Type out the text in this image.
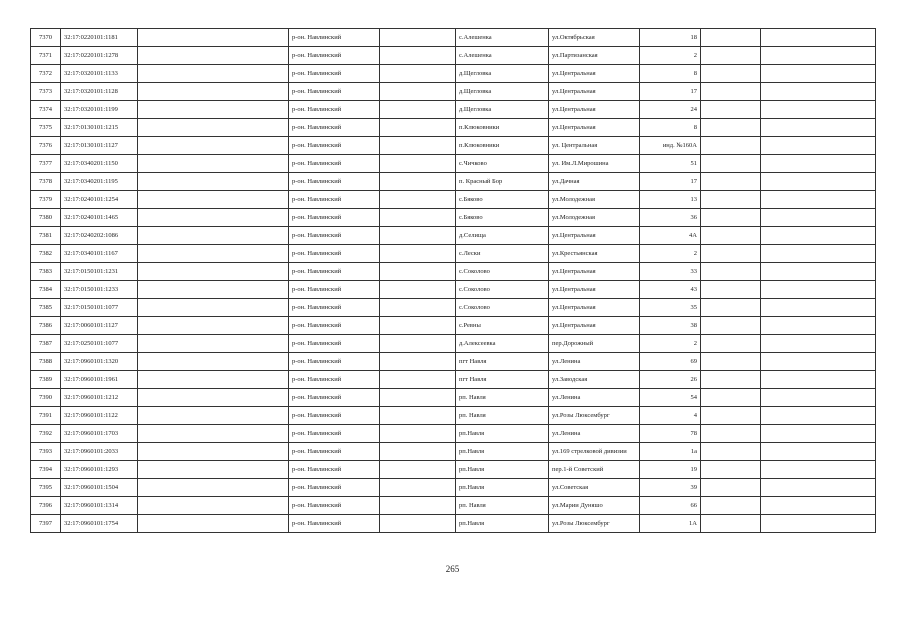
7370	32:17:0220101:1181		р-он. Навлинский		с.Алешенка	ул.Октябрьская	18		
7371	32:17:0220101:1278		р-он. Навлинский		с.Алешенка	ул.Партизанская	2		
7372	32:17:0320101:1133		р-он. Навлинский		д.Щегловка	ул.Центральная	8		
7373	32:17:0320101:1128		р-он. Навлинский		д.Щегловка	ул.Центральная	17		
7374	32:17:0320101:1199		р-он. Навлинский		д.Щегловка	ул.Центральная	24		
7375	32:17:0130101:1215		р-он. Навлинский		п.Клюковники	ул.Центральная	8		
7376	32:17:0130101:1127		р-он. Навлинский		п.Клюковники	ул. Центральная	инд. №160А		
7377	32:17:0340201:1150		р-он. Навлинский		с.Чичково	ул. Им.Л.Мирошина	51		
7378	32:17:0340201:1195		р-он. Навлинский		п. Красный Бор	ул.Дачная	17		
7379	32:17:0240101:1254		р-он. Навлинский		с.Бяково	ул.Молодежная	13		
7380	32:17:0240101:1465		р-он. Навлинский		с.Бяково	ул.Молодежная	36		
7381	32:17:0240202:1086		р-он. Навлинский		д.Селища	ул.Центральная	4А		
7382	32:17:0340101:1167		р-он. Навлинский		с.Лески	ул.Крестьянская	2		
7383	32:17:0150101:1231		р-он. Навлинский		с.Соколово	ул.Центральная	33		
7384	32:17:0150101:1233		р-он. Навлинский		с.Соколово	ул.Центральная	43		
7385	32:17:0150101:1077		р-он. Навлинский		с.Соколово	ул.Центральная	35		
7386	32:17:0060101:1127		р-он. Навлинский		с.Ревны	ул.Центральная	38		
7387	32:17:0250101:1077		р-он. Навлинский		д.Алексеевка	пер.Дорожный	2		
7388	32:17:0960101:1320		р-он. Навлинский		пгт Навля	ул.Ленина	69		
7389	32:17:0960101:1961		р-он. Навлинский		пгт Навля	ул.Заводская	26		
7390	32:17:0960101:1212		р-он. Навлинский		рп. Навля	ул.Ленина	54		
7391	32:17:0960101:1122		р-он. Навлинский		рп. Навля	ул.Розы Люксембург	4		
7392	32:17:0960101:1703		р-он. Навлинский		рп.Навля	ул.Ленина	78		
7393	32:17:0960101:2033		р-он. Навлинский		рп.Навля	ул.169 стрелковой дивизии	1а		
7394	32:17:0960101:1293		р-он. Навлинский		рп.Навля	пер.1-й Советский	19		
7395	32:17:0960101:1504		р-он. Навлинский		рп.Навля	ул.Советская	39		
7396	32:17:0960101:1314		р-он. Навлинский		рп. Навля	ул.Марии Дуняшо	66		
7397	32:17:0960101:1754		р-он. Навлинский		рп.Навля	ул.Розы Люксембург	1А		
265
